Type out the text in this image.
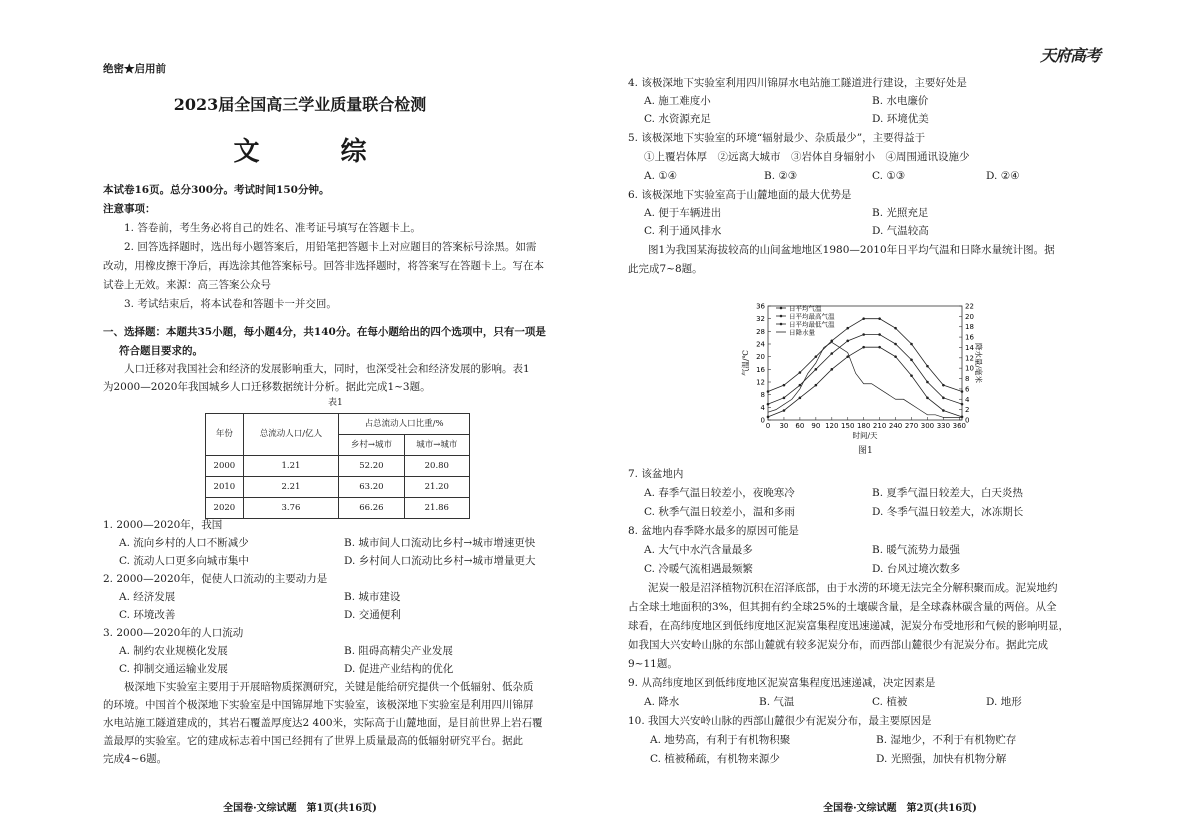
绝密★启用前
2023届全国高三学业质量联合检测
文 综
本试卷16页。总分300分。考试时间150分钟。
注意事项：
1. 答卷前，考生务必将自己的姓名、准考证号填写在答题卡上。
2. 回答选择题时，选出每小题答案后，用铅笔把答题卡上对应题目的答案标号涂黑。如需
改动，用橡皮擦干净后，再选涂其他答案标号。回答非选择题时，将答案写在答题卡上。写在本
试卷上无效。来源：高三答案公众号
3. 考试结束后，将本试卷和答题卡一并交回。
一、选择题：本题共35小题，每小题4分，共140分。在每小题给出的四个选项中，只有一项是
符合题目要求的。
人口迁移对我国社会和经济的发展影响重大，同时，也深受社会和经济发展的影响。表1
为2000—2020年我国城乡人口迁移数据统计分析。据此完成1~3题。
表1
年份	总流动人口/亿人	占总流动人口比重/%	
		乡村→城市	城市→城市
2000	1.21	52.20	20.80
2010	2.21	63.20	21.20
2020	3.76	66.26	21.86
1. 2000—2020年，我国
A. 流向乡村的人口不断减少	B. 城市间人口流动比乡村→城市增速更快
C. 流动人口更多向城市集中	D. 乡村间人口流动比乡村→城市增量更大
2. 2000—2020年，促使人口流动的主要动力是
A. 经济发展	B. 城市建设
C. 环境改善	D. 交通便利
3. 2000—2020年的人口流动
A. 制约农业规模化发展	B. 阻碍高精尖产业发展
C. 抑制交通运输业发展	D. 促进产业结构的优化
极深地下实验室主要用于开展暗物质探测研究，关键是能给研究提供一个低辐射、低杂质
的环境。中国首个极深地下实验室是中国锦屏地下实验室，该极深地下实验室是利用四川锦屏
水电站施工隧道建成的，其岩石覆盖厚度达2 400米，实际高于山麓地面，是目前世界上岩石覆
盖最厚的实验室。它的建成标志着中国已经拥有了世界上质量最高的低辐射研究平台。据此
完成4~6题。
全国卷·文综试题　第1页(共16页)
天府高考
4. 该极深地下实验室利用四川锦屏水电站施工隧道进行建设，主要好处是
A. 施工难度小	B. 水电廉价
C. 水资源充足	D. 环境优美
5. 该极深地下实验室的环境“辐射最少、杂质最少”，主要得益于
①上覆岩体厚　②远离大城市　③岩体自身辐射小　④周围通讯设施少
A. ①④	B. ②③	C. ①③	D. ②④
6. 该极深地下实验室高于山麓地面的最大优势是
A. 便于车辆进出	B. 光照充足
C. 利于通风排水	D. 气温较高
图1为我国某海拔较高的山间盆地地区1980—2010年日平均气温和日降水量统计图。据
此完成7~8题。
图1
7. 该盆地内
A. 春季气温日较差小，夜晚寒冷	B. 夏季气温日较差大，白天炎热
C. 秋季气温日较差小，温和多雨	D. 冬季气温日较差大，冰冻期长
8. 盆地内春季降水最多的原因可能是
A. 大气中水汽含量最多	B. 暖气流势力最强
C. 冷暖气流相遇最频繁	D. 台风过境次数多
泥炭一般是沼泽植物沉积在沼泽底部，由于水涝的环境无法完全分解积聚而成。泥炭地约
占全球土地面积的3%，但其拥有约全球25%的土壤碳含量，是全球森林碳含量的两倍。从全
球看，在高纬度地区到低纬度地区泥炭富集程度迅速递减，泥炭分布受地形和气候的影响明显，
如我国大兴安岭山脉的东部山麓就有较多泥炭分布，而西部山麓很少有泥炭分布。据此完成
9~11题。
9. 从高纬度地区到低纬度地区泥炭富集程度迅速递减，决定因素是
A. 降水	B. 气温	C. 植被	D. 地形
10. 我国大兴安岭山脉的西部山麓很少有泥炭分布，最主要原因是
A. 地势高，有利于有机物积聚	B. 湿地少，不利于有机物贮存
C. 植被稀疏，有机物来源少	D. 光照强，加快有机物分解
全国卷·文综试题　第2页(共16页)
0 30 60 90 120 150 180 210 240 270 300 330 360
0
4
8
12
16
20
24
28
32
36
0
2
4
6
8
10
12
14
16
18
20
22
时间/天
气温/℃	降水量/毫米
日平均气温
日平均最高气温
日平均最低气温
日降水量
